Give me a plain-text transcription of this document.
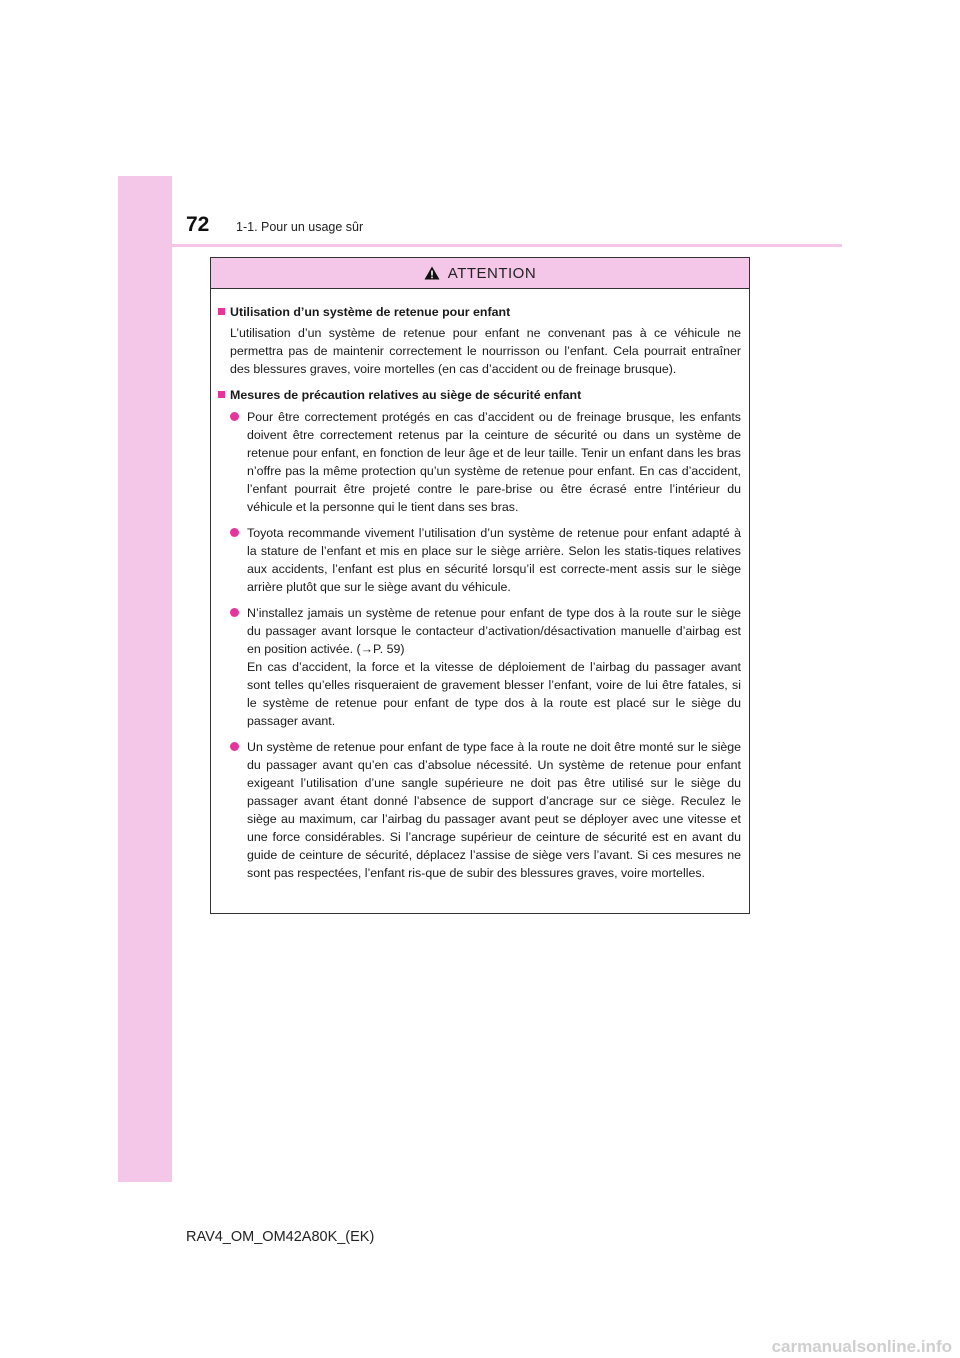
72 1-1. Pour un usage sûr
ATTENTION
Utilisation d’un système de retenue pour enfant
L’utilisation d’un système de retenue pour enfant ne convenant pas à ce véhicule ne permettra pas de maintenir correctement le nourrisson ou l’enfant. Cela pourrait entraîner des blessures graves, voire mortelles (en cas d’accident ou de freinage brusque).
Mesures de précaution relatives au siège de sécurité enfant
Pour être correctement protégés en cas d’accident ou de freinage brusque, les enfants doivent être correctement retenus par la ceinture de sécurité ou dans un système de retenue pour enfant, en fonction de leur âge et de leur taille. Tenir un enfant dans les bras n’offre pas la même protection qu’un système de retenue pour enfant. En cas d’accident, l’enfant pourrait être projeté contre le pare-brise ou être écrasé entre l’intérieur du véhicule et la personne qui le tient dans ses bras.
Toyota recommande vivement l’utilisation d’un système de retenue pour enfant adapté à la stature de l’enfant et mis en place sur le siège arrière. Selon les statis-tiques relatives aux accidents, l’enfant est plus en sécurité lorsqu’il est correcte-ment assis sur le siège arrière plutôt que sur le siège avant du véhicule.
N’installez jamais un système de retenue pour enfant de type dos à la route sur le siège du passager avant lorsque le contacteur d’activation/désactivation manuelle d’airbag est en position activée. (→P. 59)
En cas d’accident, la force et la vitesse de déploiement de l’airbag du passager avant sont telles qu’elles risqueraient de gravement blesser l’enfant, voire de lui être fatales, si le système de retenue pour enfant de type dos à la route est placé sur le siège du passager avant.
Un système de retenue pour enfant de type face à la route ne doit être monté sur le siège du passager avant qu’en cas d’absolue nécessité. Un système de retenue pour enfant exigeant l’utilisation d’une sangle supérieure ne doit pas être utilisé sur le siège du passager avant étant donné l’absence de support d’ancrage sur ce siège. Reculez le siège au maximum, car l’airbag du passager avant peut se déployer avec une vitesse et une force considérables. Si l’ancrage supérieur de ceinture de sécurité est en avant du guide de ceinture de sécurité, déplacez l’assise de siège vers l’avant. Si ces mesures ne sont pas respectées, l’enfant ris-que de subir des blessures graves, voire mortelles.
RAV4_OM_OM42A80K_(EK)
carmanualsonline.info
